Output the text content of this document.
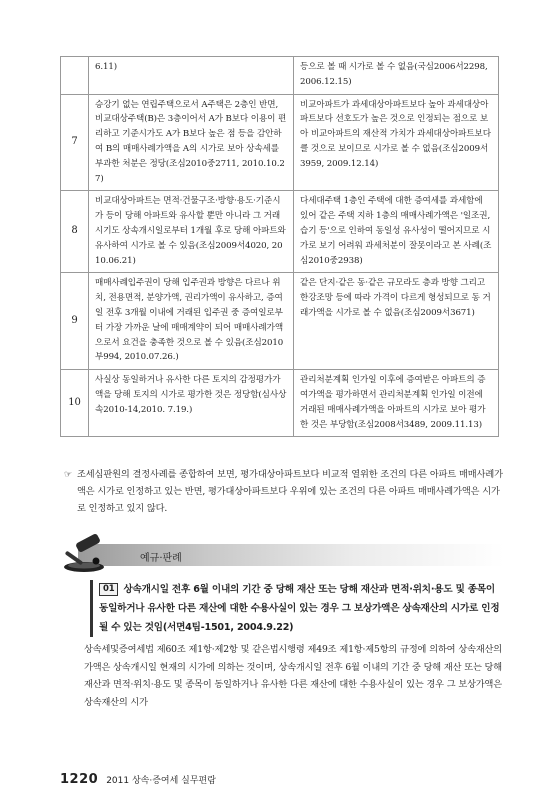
	6.11)	등으로 볼 때 시가로 볼 수 없음(국심2006서2298, 2006.12.15)
7	승강기 없는 연립주택으로서 A주택은 2층인 반면, 비교대상주택(B)은 3층이어서 A가 B보다 이용이 편리하고 기준시가도 A가 B보다 높은 점 등을 감안하여 B의 매매사례가액을 A의 시가로 보아 상속세를 부과한 처분은 정당(조심2010중2711, 2010.10.27)	비교아파트가 과세대상아파트보다 높아 과세대상아파트보다 선호도가 높은 것으로 인정되는 점으로 보아 비교아파트의 재산적 가치가 과세대상아파트보다 클 것으로 보이므로 시가로 볼 수 없음(조심2009서3959, 2009.12.14)
8	비교대상아파트는 면적·건물구조·방향·용도·기준시가 등이 당해 아파트와 유사할 뿐만 아니라 그 거래시기도 상속개시일로부터 1개월 후로 당해 아파트와 유사하여 시가로 볼 수 있음(조심2009서4020, 2010.06.21)	다세대주택 1층인 주택에 대한 증여세를 과세함에 있어 같은 주택 지하 1층의 매매사례가액은 '일조권, 습기 등'으로 인하여 동일성 유사성이 떨어지므로 시가로 보기 어려워 과세처분이 잘못이라고 본 사례(조심2010중2938)
9	매매사례입주권이 당해 입주권과 방향은 다르나 위치, 전용면적, 분양가액, 권리가액이 유사하고, 증여일 전후 3개월 이내에 거래된 입주권 중 증여일로부터 가장 가까운 날에 매매계약이 되어 매매사례가액으로서 요건을 충족한 것으로 볼 수 있음(조심2010부994, 2010.07.26.)	같은 단지·같은 동·같은 규모라도 층과 방향 그리고 한강조망 등에 따라 가격이 다르게 형성되므로 동 거래가액을 시가로 볼 수 없음(조심2009서3671)
10	사실상 동일하거나 유사한 다른 토지의 감정평가가액을 당해 토지의 시가로 평가한 것은 정당함(심사상속2010-14,2010. 7.19.)	관리처분계획 인가일 이후에 증여받은 아파트의 증여가액을 평가하면서 관리처분계획 인가일 이전에 거래된 매매사례가액을 아파트의 시가로 보아 평가한 것은 부당함(조심2008서3489, 2009.11.13)
☞ 조세심판원의 결정사례를 종합하여 보면, 평가대상아파트보다 비교적 열위한 조건의 다른 아파트 매매사례가액은 시가로 인정하고 있는 반면, 평가대상아파트보다 우위에 있는 조건의 다른 아파트 매매사례가액은 시가로 인정하고 있지 않다.
예규·판례
01 상속개시일 전후 6월 이내의 기간 중 당해 재산 또는 당해 재산과 면적·위치·용도 및 종목이 동일하거나 유사한 다른 재산에 대한 수용사실이 있는 경우 그 보상가액은 상속재산의 시가로 인정될 수 있는 것임(서면4팀-1501, 2004.9.22)
상속세및증여세법 제60조 제1항·제2항 및 같은법시행령 제49조 제1항·제5항의 규정에 의하여 상속재산의 가액은 상속개시일 현재의 시가에 의하는 것이며, 상속개시일 전후 6월 이내의 기간 중 당해 재산 또는 당해 재산과 면적·위치·용도 및 종목이 동일하거나 유사한 다른 재산에 대한 수용사실이 있는 경우 그 보상가액은 상속재산의 시가
1220 2011 상속·증여세 실무편람
